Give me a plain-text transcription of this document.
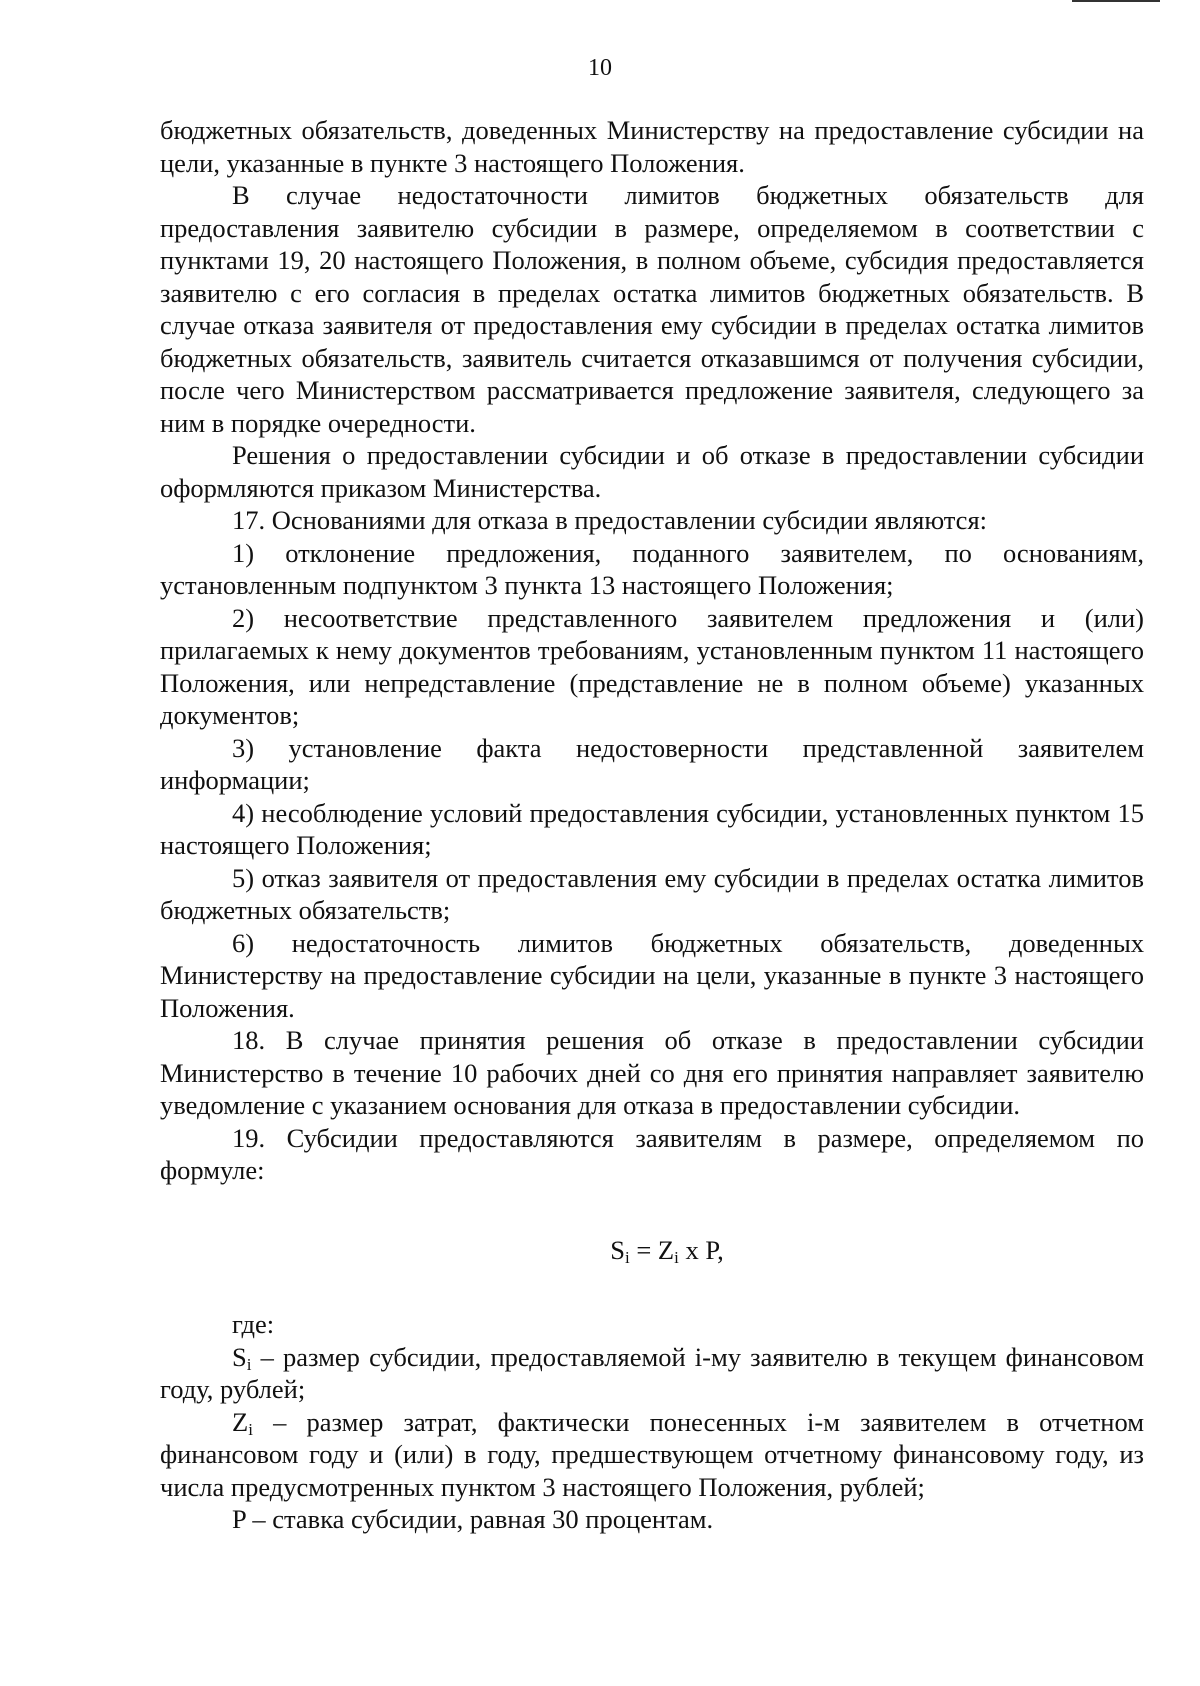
10

бюджетных обязательств, доведенных Министерству на предоставление субсидии на цели, указанные в пункте 3 настоящего Положения.

В случае недостаточности лимитов бюджетных обязательств для предоставления заявителю субсидии в размере, определяемом в соответствии с пунктами 19, 20 настоящего Положения, в полном объеме, субсидия предоставляется заявителю с его согласия в пределах остатка лимитов бюджетных обязательств. В случае отказа заявителя от предоставления ему субсидии в пределах остатка лимитов бюджетных обязательств, заявитель считается отказавшимся от получения субсидии, после чего Министерством рассматривается предложение заявителя, следующего за ним в порядке очередности.

Решения о предоставлении субсидии и об отказе в предоставлении субсидии оформляются приказом Министерства.

17. Основаниями для отказа в предоставлении субсидии являются:

1) отклонение предложения, поданного заявителем, по основаниям, установленным подпунктом 3 пункта 13 настоящего Положения;

2) несоответствие представленного заявителем предложения и (или) прилагаемых к нему документов требованиям, установленным пунктом 11 настоящего Положения, или непредставление (представление не в полном объеме) указанных документов;

3) установление факта недостоверности представленной заявителем информации;

4) несоблюдение условий предоставления субсидии, установленных пунктом 15 настоящего Положения;

5) отказ заявителя от предоставления ему субсидии в пределах остатка лимитов бюджетных обязательств;

6) недостаточность лимитов бюджетных обязательств, доведенных Министерству на предоставление субсидии на цели, указанные в пункте 3 настоящего Положения.

18. В случае принятия решения об отказе в предоставлении субсидии Министерство в течение 10 рабочих дней со дня его принятия направляет заявителю уведомление с указанием основания для отказа в предоставлении субсидии.

19. Субсидии предоставляются заявителям в размере, определяемом по формуле:

$S_i = Z_i$ x P,

где:

$S_i$ – размер субсидии, предоставляемой i-му заявителю в текущем финансовом году, рублей;

$Z_i$ – размер затрат, фактически понесенных i-м заявителем в отчетном финансовом году и (или) в году, предшествующем отчетному финансовому году, из числа предусмотренных пунктом 3 настоящего Положения, рублей;

P – ставка субсидии, равная 30 процентам.
